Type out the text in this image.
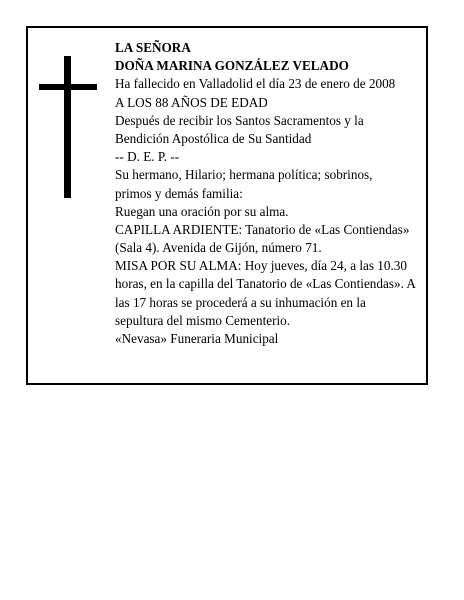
LA SEÑORA
DOÑA MARINA GONZÁLEZ VELADO
Ha fallecido en Valladolid el día 23 de enero de 2008
A LOS 88 AÑOS DE EDAD
Después de recibir los Santos Sacramentos y la
Bendición Apostólica de Su Santidad
-- D. E. P. --
Su hermano, Hilario; hermana política; sobrinos,
primos y demás familia:
Ruegan una oración por su alma.
CAPILLA ARDIENTE: Tanatorio de «Las Contiendas»
(Sala 4). Avenida de Gijón, número 71.
MISA POR SU ALMA: Hoy jueves, día 24, a las 10.30
horas, en la capilla del Tanatorio de «Las Contiendas». A
las 17 horas se procederá a su inhumación en la
sepultura del mismo Cementerio.
«Nevasa» Funeraria Municipal
